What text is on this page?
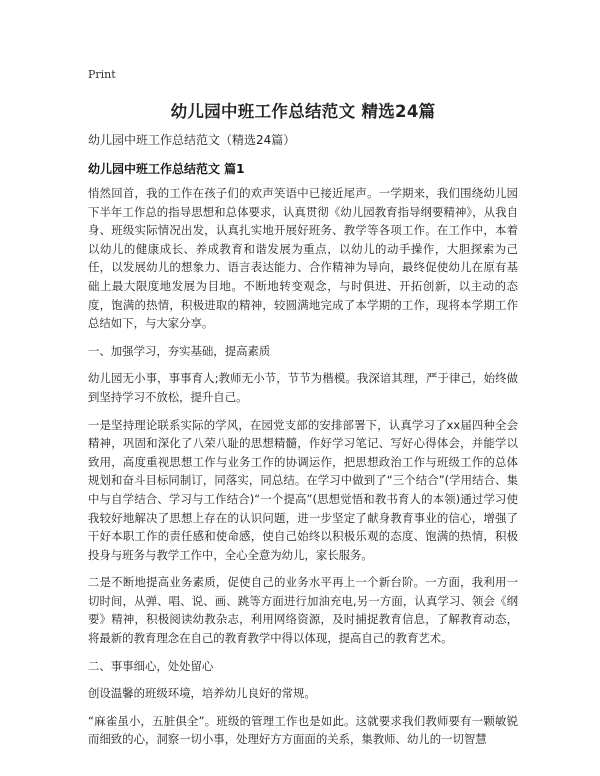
Print
幼儿园中班工作总结范文 精选24篇
幼儿园中班工作总结范文（精选24篇）
幼儿园中班工作总结范文 篇1

悄然回首，我的工作在孩子们的欢声笑语中已接近尾声。一学期来，我们围绕幼儿园下半年工作总的指导思想和总体要求，认真贯彻《幼儿园教育指导纲要精神》，从我自身、班级实际情况出发，认真扎实地开展好班务、教学等各项工作。在工作中，本着以幼儿的健康成长、养成教育和谐发展为重点，以幼儿的动手操作，大胆探索为己任，以发展幼儿的想象力、语言表达能力、合作精神为导向，最终促使幼儿在原有基础上最大限度地发展为目地。不断地转变观念，与时俱进、开拓创新，以主动的态度，饱满的热情，积极进取的精神，较圆满地完成了本学期的工作，现将本学期工作总结如下，与大家分享。

一、加强学习，夯实基础，提高素质

幼儿园无小事，事事育人;教师无小节，节节为楷模。我深谙其理，严于律己，始终做到坚持学习不放松，提升自己。

一是坚持理论联系实际的学风，在园党支部的安排部署下，认真学习了xx届四种全会精神，巩固和深化了八荣八耻的思想精髓，作好学习笔记、写好心得体会，并能学以致用，高度重视思想工作与业务工作的协调运作，把思想政治工作与班级工作的总体规划和奋斗目标同制订，同落实，同总结。在学习中做到了“三个结合”(学用结合、集中与自学结合、学习与工作结合)“一个提高”(思想觉悟和教书育人的本领)通过学习使我较好地解决了思想上存在的认识问题，进一步坚定了献身教育事业的信心，增强了干好本职工作的责任感和使命感，使自己始终以积极乐观的态度、饱满的热情，积极投身与班务与教学工作中，全心全意为幼儿，家长服务。

二是不断地提高业务素质，促使自己的业务水平再上一个新台阶。一方面，我利用一切时间，从弹、唱、说、画、跳等方面进行加油充电,另一方面，认真学习、领会《纲要》精神，积极阅读幼教杂志，利用网络资源，及时捕捉教育信息，了解教育动态，将最新的教育理念在自己的教育教学中得以体现，提高自己的教育艺术。

二、事事细心，处处留心

创设温馨的班级环境，培养幼儿良好的常规。

“麻雀虽小，五脏俱全”。班级的管理工作也是如此。这就要求我们教师要有一颗敏锐而细致的心，洞察一切小事，处理好方方面面的关系，集教师、幼儿的一切智慧
